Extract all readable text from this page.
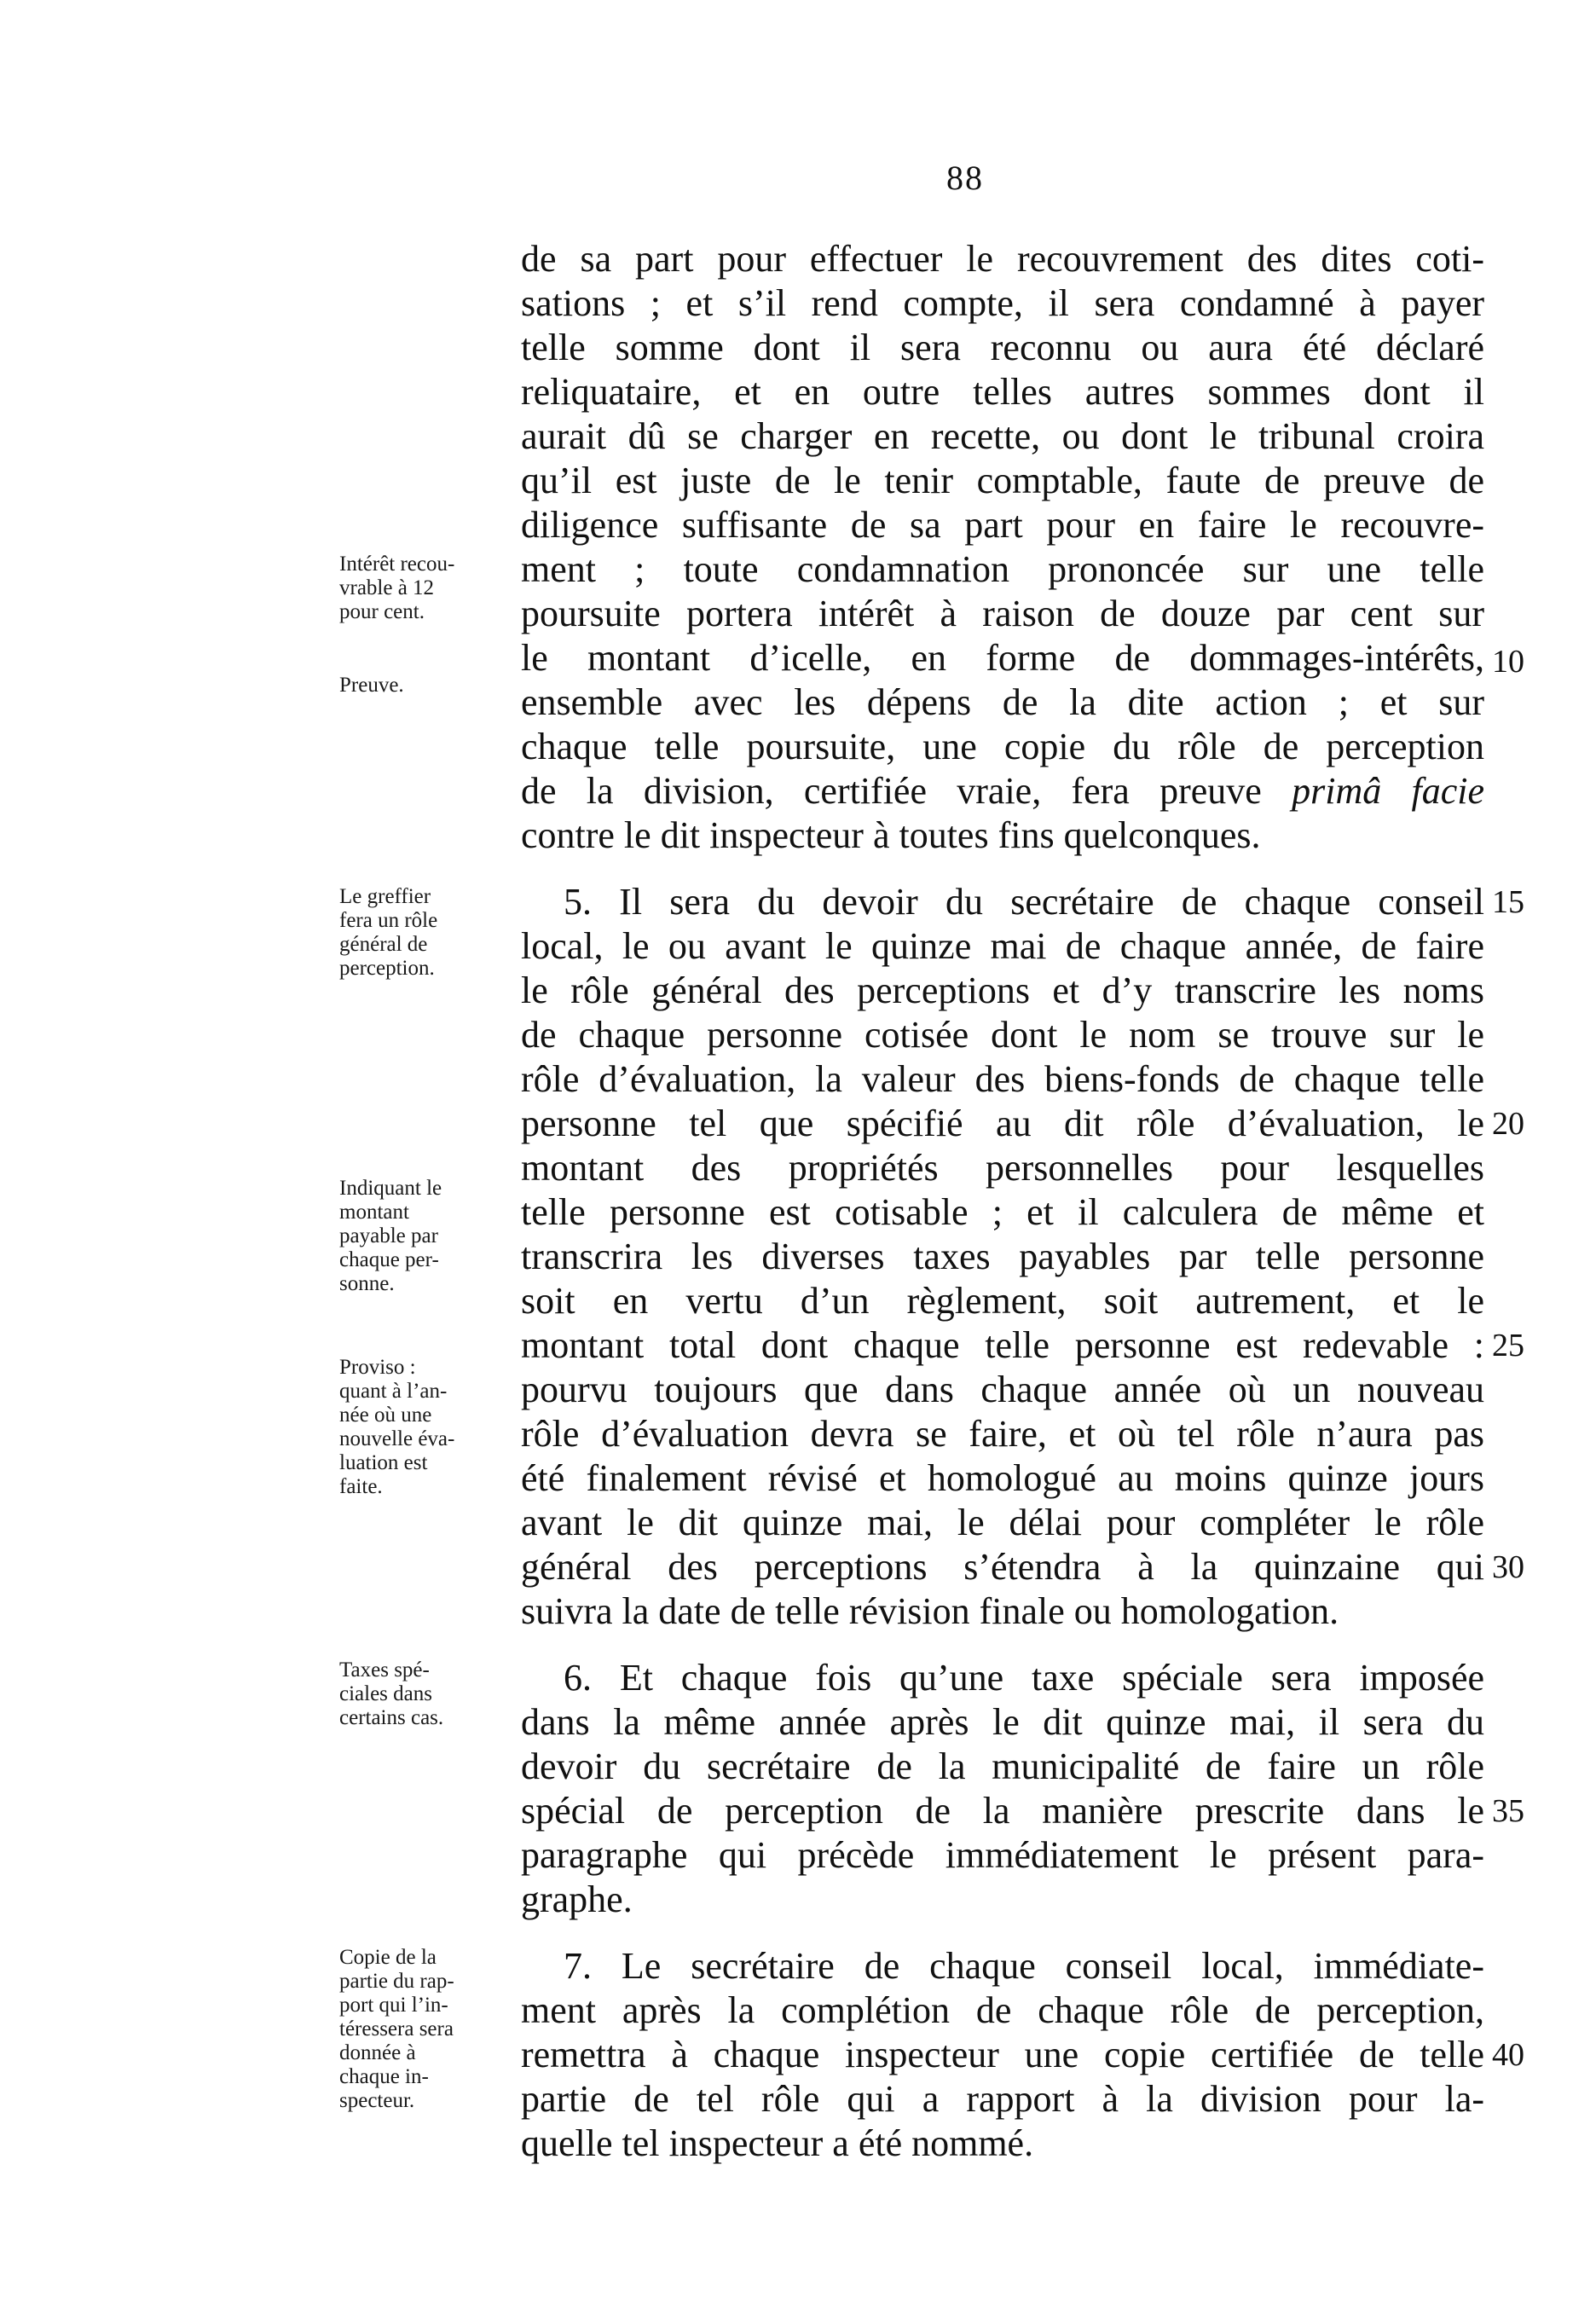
88
de sa part pour effectuer le recouvrement des dites coti-
sations ; et s’il rend compte, il sera condamné à payer
telle somme dont il sera reconnu ou aura été déclaré
reliquataire, et en outre telles autres sommes dont il
aurait dû se charger en recette, ou dont le tribunal croira
qu’il est juste de le tenir comptable, faute de preuve de
diligence suffisante de sa part pour en faire le recouvre-
ment ; toute condamnation prononcée sur une telle
poursuite portera intérêt à raison de douze par cent sur
le montant d’icelle, en forme de dommages-intérêts,
ensemble avec les dépens de la dite action ; et sur
chaque telle poursuite, une copie du rôle de perception
de la division, certifiée vraie, fera preuve primâ facie
contre le dit inspecteur à toutes fins quelconques.
5. Il sera du devoir du secrétaire de chaque conseil
local, le ou avant le quinze mai de chaque année, de faire
le rôle général des perceptions et d’y transcrire les noms
de chaque personne cotisée dont le nom se trouve sur le
rôle d’évaluation, la valeur des biens-fonds de chaque telle
personne tel que spécifié au dit rôle d’évaluation, le
montant des propriétés personnelles pour lesquelles
telle personne est cotisable ; et il calculera de même et
transcrira les diverses taxes payables par telle personne
soit en vertu d’un règlement, soit autrement, et le
montant total dont chaque telle personne est redevable :
pourvu toujours que dans chaque année où un nouveau
rôle d’évaluation devra se faire, et où tel rôle n’aura pas
été finalement révisé et homologué au moins quinze jours
avant le dit quinze mai, le délai pour compléter le rôle
général des perceptions s’étendra à la quinzaine qui
suivra la date de telle révision finale ou homologation.
6. Et chaque fois qu’une taxe spéciale sera imposée
dans la même année après le dit quinze mai, il sera du
devoir du secrétaire de la municipalité de faire un rôle
spécial de perception de la manière prescrite dans le
paragraphe qui précède immédiatement le présent para-
graphe.
7. Le secrétaire de chaque conseil local, immédiate-
ment après la complétion de chaque rôle de perception,
remettra à chaque inspecteur une copie certifiée de telle
partie de tel rôle qui a rapport à la division pour la-
quelle tel inspecteur a été nommé.
10
15
20
25
30
35
40
Intérêt recou-
vrable à 12
pour cent.
Preuve.
Le greffier
fera un rôle
général de
perception.
Indiquant le
montant
payable par
chaque per-
sonne.
Proviso :
quant à l’an-
née où une
nouvelle éva-
luation est
faite.
Taxes spé-
ciales dans
certains cas.
Copie de la
partie du rap-
port qui l’in-
téressera sera
donnée à
chaque in-
specteur.
